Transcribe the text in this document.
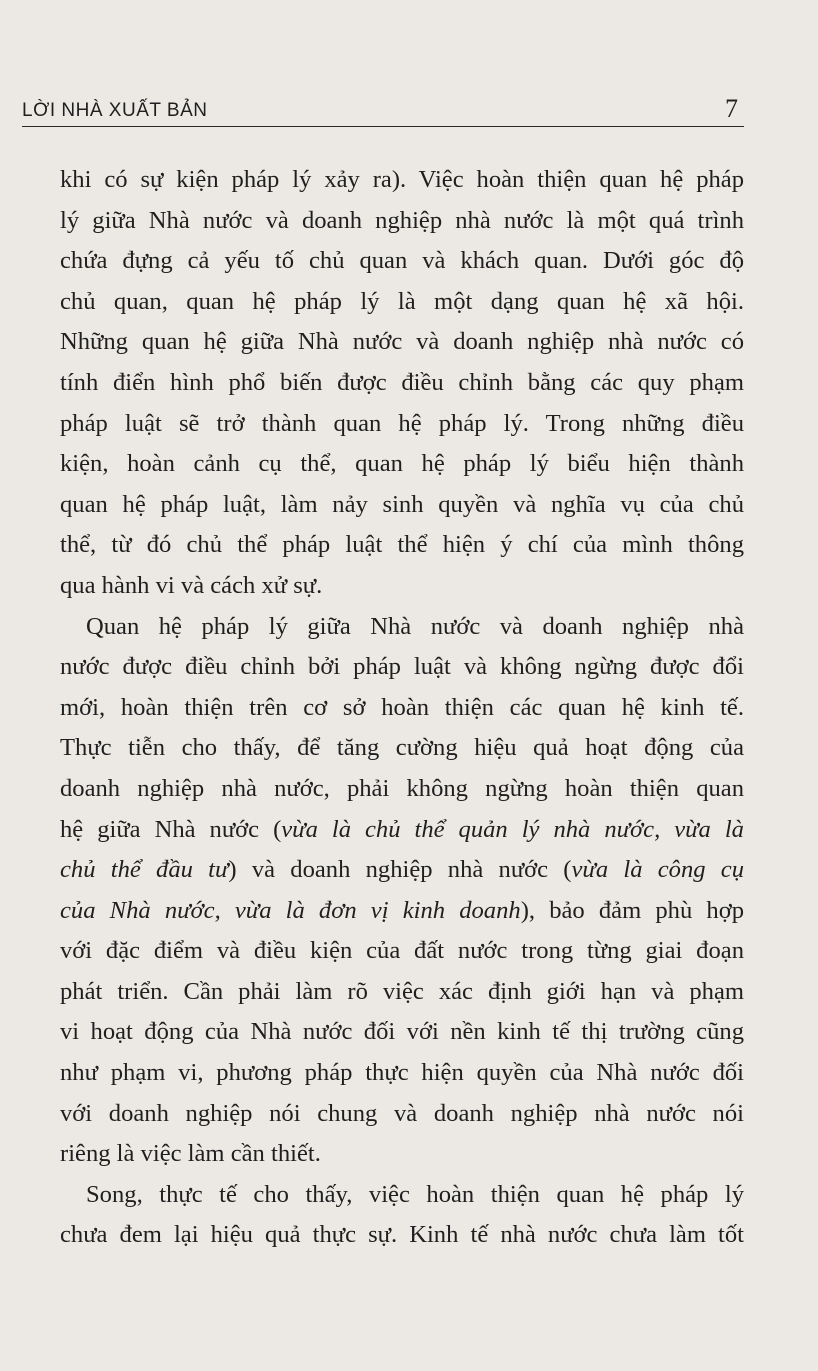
LỜI NHÀ XUẤT BẢN	7
khi có sự kiện pháp lý xảy ra). Việc hoàn thiện quan hệ pháp
lý giữa Nhà nước và doanh nghiệp nhà nước là một quá trình
chứa đựng cả yếu tố chủ quan và khách quan. Dưới góc độ
chủ quan, quan hệ pháp lý là một dạng quan hệ xã hội.
Những quan hệ giữa Nhà nước và doanh nghiệp nhà nước có
tính điển hình phổ biến được điều chỉnh bằng các quy phạm
pháp luật sẽ trở thành quan hệ pháp lý. Trong những điều
kiện, hoàn cảnh cụ thể, quan hệ pháp lý biểu hiện thành
quan hệ pháp luật, làm nảy sinh quyền và nghĩa vụ của chủ
thể, từ đó chủ thể pháp luật thể hiện ý chí của mình thông
qua hành vi và cách xử sự.
Quan hệ pháp lý giữa Nhà nước và doanh nghiệp nhà
nước được điều chỉnh bởi pháp luật và không ngừng được đổi
mới, hoàn thiện trên cơ sở hoàn thiện các quan hệ kinh tế.
Thực tiễn cho thấy, để tăng cường hiệu quả hoạt động của
doanh nghiệp nhà nước, phải không ngừng hoàn thiện quan
hệ giữa Nhà nước (vừa là chủ thể quản lý nhà nước, vừa là
chủ thể đầu tư) và doanh nghiệp nhà nước (vừa là công cụ
của Nhà nước, vừa là đơn vị kinh doanh), bảo đảm phù hợp
với đặc điểm và điều kiện của đất nước trong từng giai đoạn
phát triển. Cần phải làm rõ việc xác định giới hạn và phạm
vi hoạt động của Nhà nước đối với nền kinh tế thị trường cũng
như phạm vi, phương pháp thực hiện quyền của Nhà nước đối
với doanh nghiệp nói chung và doanh nghiệp nhà nước nói
riêng là việc làm cần thiết.
Song, thực tế cho thấy, việc hoàn thiện quan hệ pháp lý
chưa đem lại hiệu quả thực sự. Kinh tế nhà nước chưa làm tốt
